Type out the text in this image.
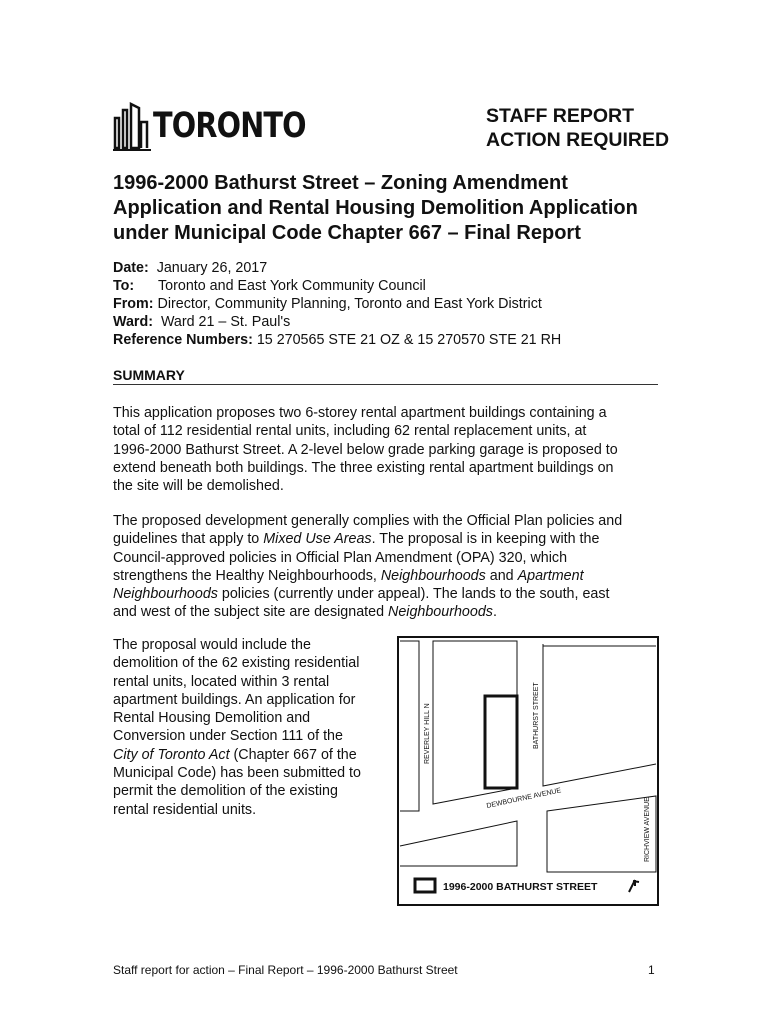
TORONTO	STAFF REPORT
ACTION REQUIRED
1996-2000 Bathurst Street – Zoning Amendment
Application and Rental Housing Demolition Application
under Municipal Code Chapter 667 – Final Report
Date: January 26, 2017
To: Toronto and East York Community Council
From: Director, Community Planning, Toronto and East York District
Ward: Ward 21 – St. Paul's
Reference Numbers: 15 270565 STE 21 OZ & 15 270570 STE 21 RH
SUMMARY
This application proposes two 6-storey rental apartment buildings containing a
total of 112 residential rental units, including 62 rental replacement units, at
1996-2000 Bathurst Street. A 2-level below grade parking garage is proposed to
extend beneath both buildings. The three existing rental apartment buildings on
the site will be demolished.
The proposed development generally complies with the Official Plan policies and
guidelines that apply to Mixed Use Areas. The proposal is in keeping with the
Council-approved policies in Official Plan Amendment (OPA) 320, which
strengthens the Healthy Neighbourhoods, Neighbourhoods and Apartment
Neighbourhoods policies (currently under appeal). The lands to the south, east
and west of the subject site are designated Neighbourhoods.
The proposal would include the
demolition of the 62 existing residential
rental units, located within 3 rental
apartment buildings. An application for
Rental Housing Demolition and
Conversion under Section 111 of the
City of Toronto Act (Chapter 667 of the
Municipal Code) has been submitted to
permit the demolition of the existing
rental residential units.
REVERLEY HILL N	BATHURST STREET
DEWBOURNE AVENUE	RICHVIEW AVENUE
1996-2000 BATHURST STREET
Staff report for action – Final Report – 1996-2000 Bathurst Street	1
